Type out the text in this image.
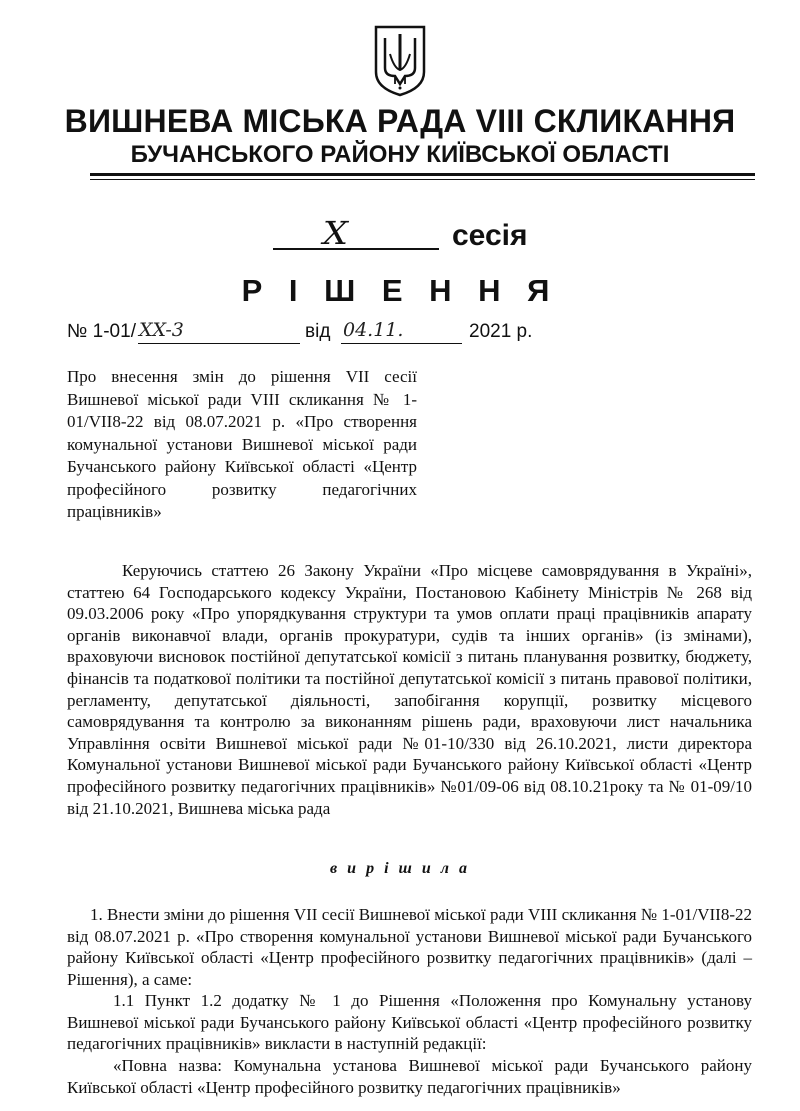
ВИШНЕВА МІСЬКА РАДА VIII СКЛИКАННЯ
БУЧАНСЬКОГО РАЙОНУ КИЇВСЬКОЇ ОБЛАСТІ
X	сесія
Р І Ш Е Н Н Я
№ 1-01/ XX-3	від 04.11.	2021 р.
Про внесення змін до рішення VII сесії Вишневої міської ради VIII скликання № 1-01/VII8-22 від 08.07.2021 р. «Про створення комунальної установи Вишневої міської ради Бучанського району Київської області «Центр професійного розвитку педагогічних працівників»
Керуючись статтею 26 Закону України «Про місцеве самоврядування в Україні», статтею 64 Господарського кодексу України, Постановою Кабінету Міністрів № 268 від 09.03.2006 року «Про упорядкування структури та умов оплати праці працівників апарату органів виконавчої влади, органів прокуратури, судів та інших органів» (із змінами), враховуючи висновок постійної депутатської комісії з питань планування розвитку, бюджету, фінансів та податкової політики та постійної депутатської комісії з питань правової політики, регламенту, депутатської діяльності, запобігання корупції, розвитку місцевого самоврядування та контролю за виконанням рішень ради, враховуючи лист начальника Управління освіти Вишневої міської ради №01-10/330 від 26.10.2021, листи директора Комунальної установи Вишневої міської ради Бучанського району Київської області «Центр професійного розвитку педагогічних працівників» №01/09-06 від 08.10.21року та № 01-09/10 від 21.10.2021, Вишнева міська рада
в и р і ш и л а
1. Внести зміни до рішення VII сесії Вишневої міської ради VIII скликання № 1-01/VII8-22 від 08.07.2021 р. «Про створення комунальної установи Вишневої міської ради Бучанського району Київської області «Центр професійного розвитку педагогічних працівників» (далі – Рішення), а саме:
1.1 Пункт 1.2 додатку № 1 до Рішення «Положення про Комунальну установу Вишневої міської ради Бучанського району Київської області «Центр професійного розвитку педагогічних працівників» викласти в наступній редакції:
«Повна назва: Комунальна установа Вишневої міської ради Бучанського району Київської області «Центр професійного розвитку педагогічних працівників»
